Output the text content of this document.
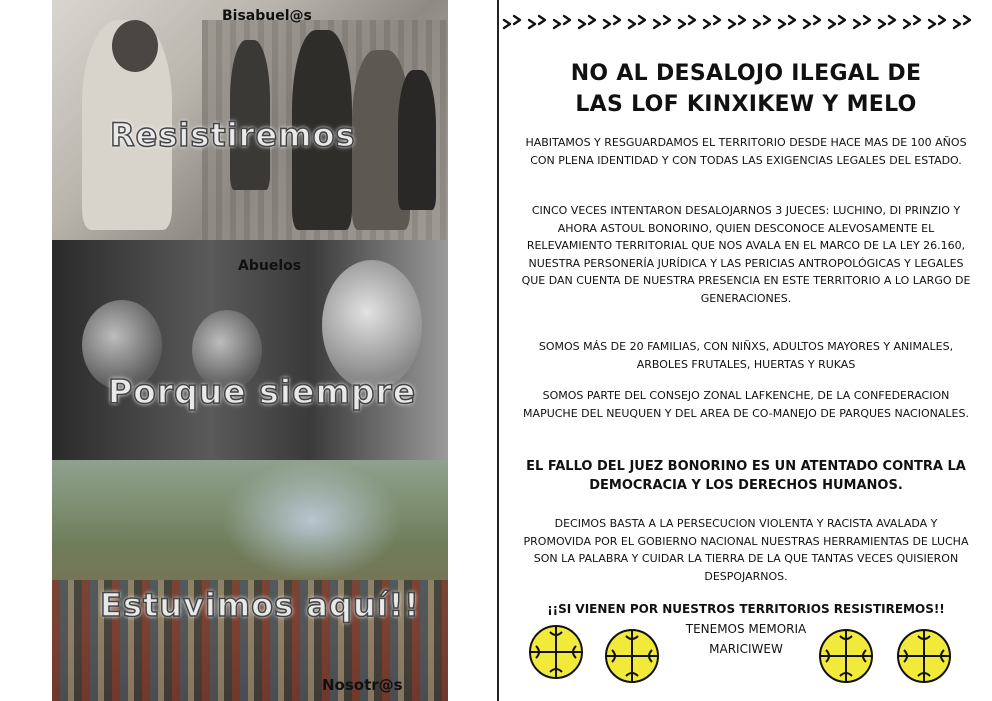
Bisabuel@s
Abuelos
Nosotr@s
Resistiremos
Porque siempre
Estuvimos aquí!!
NO AL DESALOJO ILEGAL DE
LAS LOF KINXIKEW Y MELO
HABITAMOS Y RESGUARDAMOS EL TERRITORIO DESDE HACE MAS DE 100 AÑOS CON PLENA IDENTIDAD Y CON TODAS LAS EXIGENCIAS LEGALES DEL ESTADO.
CINCO VECES INTENTARON DESALOJARNOS 3 JUECES: LUCHINO, DI PRINZIO Y AHORA ASTOUL BONORINO, QUIEN DESCONOCE ALEVOSAMENTE EL RELEVAMIENTO TERRITORIAL QUE NOS AVALA EN EL MARCO DE LA LEY 26.160, NUESTRA PERSONERÍA JURÍDICA Y LAS PERICIAS ANTROPOLÓGICAS Y LEGALES QUE DAN CUENTA DE NUESTRA PRESENCIA EN ESTE TERRITORIO A LO LARGO DE GENERACIONES.
SOMOS MÁS DE 20 FAMILIAS, CON NIÑXS, ADULTOS MAYORES Y ANIMALES, ARBOLES FRUTALES, HUERTAS Y RUKAS
SOMOS PARTE DEL CONSEJO ZONAL LAFKENCHE, DE LA CONFEDERACION MAPUCHE DEL NEUQUEN Y DEL AREA DE CO-MANEJO DE PARQUES NACIONALES.
EL FALLO DEL JUEZ BONORINO ES UN ATENTADO CONTRA LA DEMOCRACIA Y LOS DERECHOS HUMANOS.
DECIMOS BASTA A LA PERSECUCION VIOLENTA Y RACISTA AVALADA Y PROMOVIDA POR EL GOBIERNO NACIONAL NUESTRAS HERRAMIENTAS DE LUCHA SON LA PALABRA Y CUIDAR LA TIERRA DE LA QUE TANTAS VECES QUISIERON DESPOJARNOS.
¡¡SI VIENEN POR NUESTROS TERRITORIOS RESISTIREMOS!!
TENEMOS MEMORIA
MARICIWEW
